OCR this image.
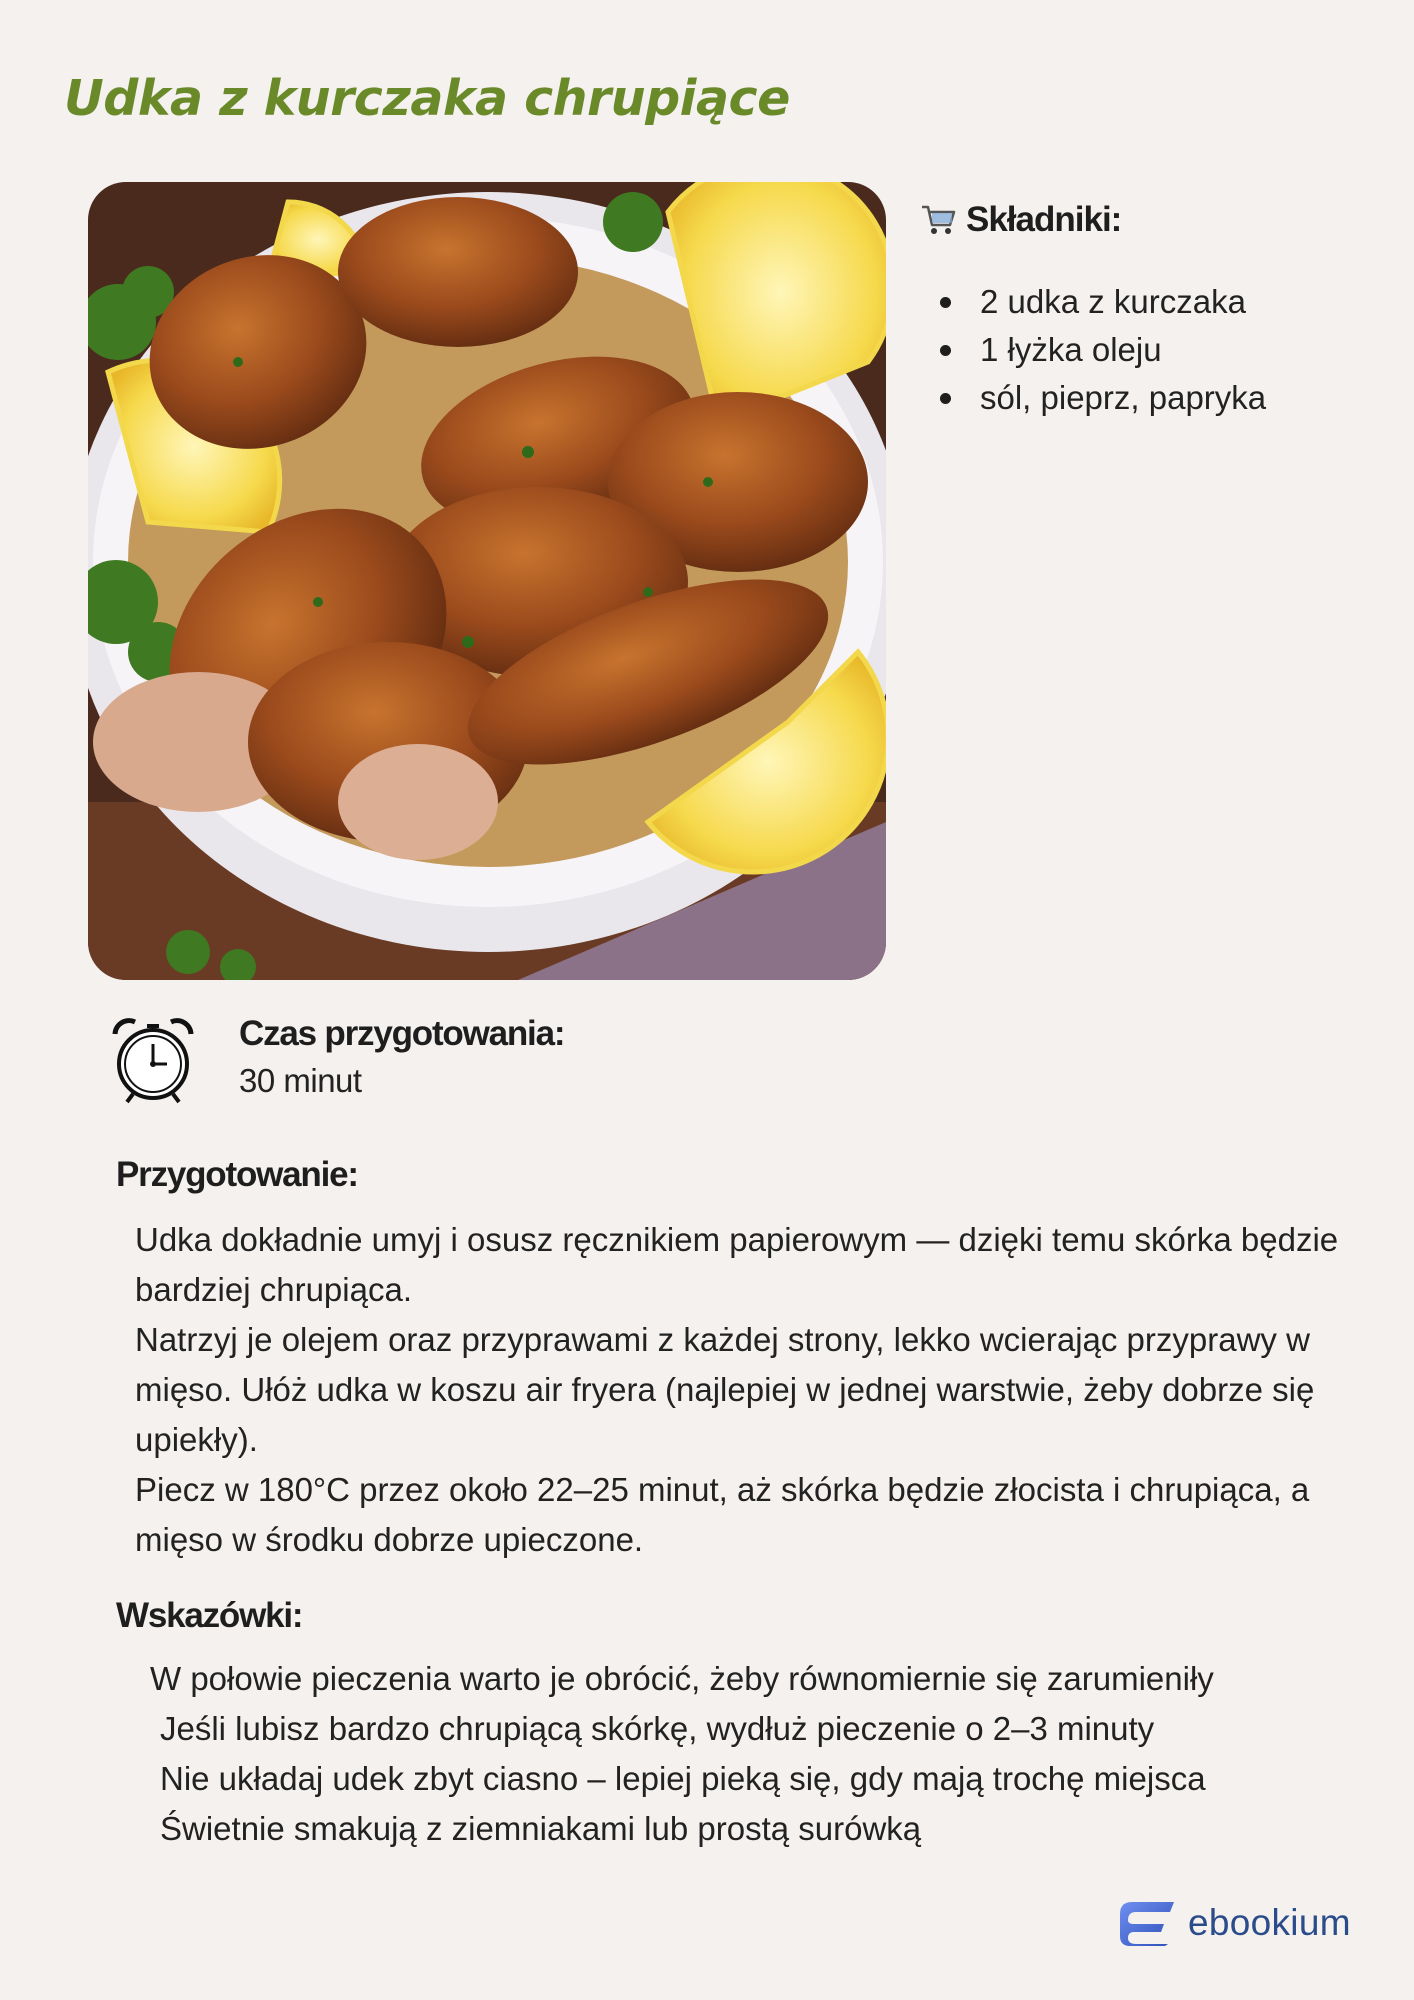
Udka z kurczaka chrupiące
Składniki:
2 udka z kurczaka
1 łyżka oleju
sól, pieprz, papryka
Czas przygotowania:
30 minut
Przygotowanie:

Udka dokładnie umyj i osusz ręcznikiem papierowym — dzięki temu skórka będzie bardziej chrupiąca.

Natrzyj je olejem oraz przyprawami z każdej strony, lekko wcierając przyprawy w mięso. Ułóż udka w koszu air fryera (najlepiej w jednej warstwie, żeby dobrze się upiekły).

Piecz w 180°C przez około 22–25 minut, aż skórka będzie złocista i chrupiąca, a mięso w środku dobrze upieczone.

Wskazówki:

W połowie pieczenia warto je obrócić, żeby równomiernie się zarumieniły

Jeśli lubisz bardzo chrupiącą skórkę, wydłuż pieczenie o 2–3 minuty

Nie układaj udek zbyt ciasno – lepiej pieką się, gdy mają trochę miejsca

Świetnie smakują z ziemniakami lub prostą surówką

ebookium
